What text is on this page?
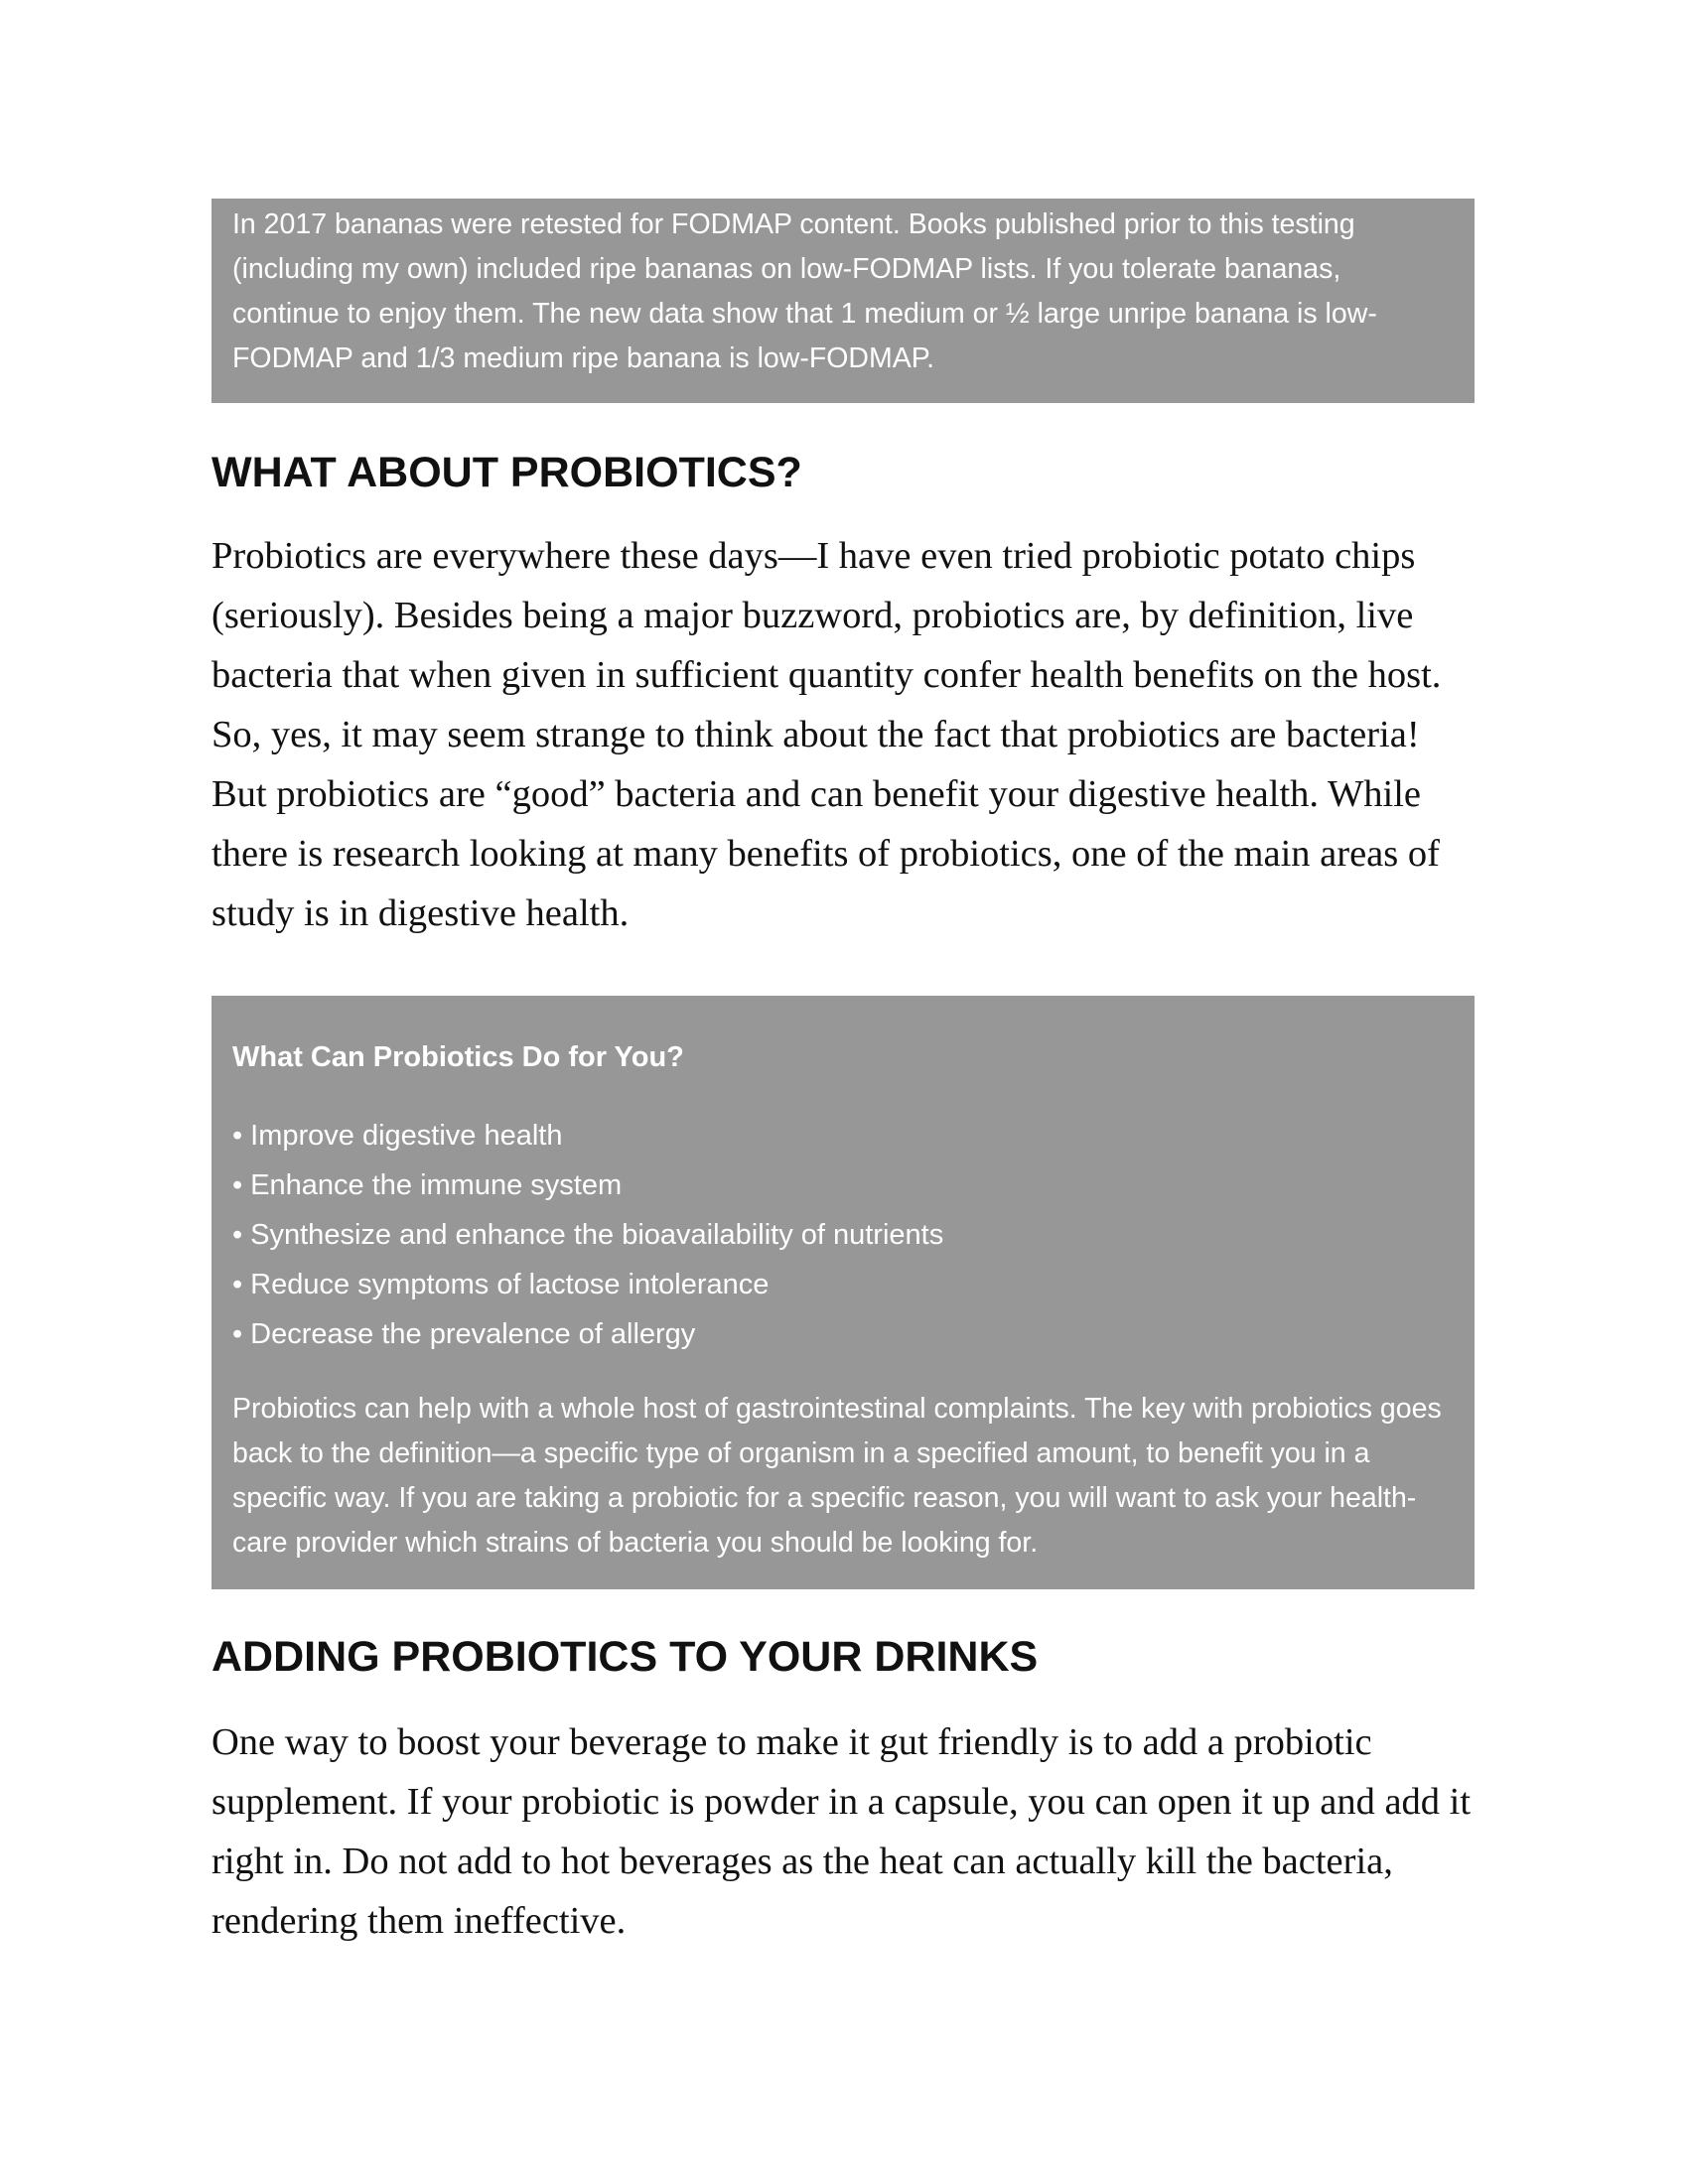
In 2017 bananas were retested for FODMAP content. Books published prior to this testing (including my own) included ripe bananas on low-FODMAP lists. If you tolerate bananas, continue to enjoy them. The new data show that 1 medium or ½ large unripe banana is low-FODMAP and 1/3 medium ripe banana is low-FODMAP.
WHAT ABOUT PROBIOTICS?

Probiotics are everywhere these days—I have even tried probiotic potato chips (seriously). Besides being a major buzzword, probiotics are, by definition, live bacteria that when given in sufficient quantity confer health benefits on the host. So, yes, it may seem strange to think about the fact that probiotics are bacteria! But probiotics are “good” bacteria and can benefit your digestive health. While there is research looking at many benefits of probiotics, one of the main areas of study is in digestive health.

What Can Probiotics Do for You?

• Improve digestive health
• Enhance the immune system
• Synthesize and enhance the bioavailability of nutrients
• Reduce symptoms of lactose intolerance
• Decrease the prevalence of allergy

Probiotics can help with a whole host of gastrointestinal complaints. The key with probiotics goes back to the definition—a specific type of organism in a specified amount, to benefit you in a specific way. If you are taking a probiotic for a specific reason, you will want to ask your health-care provider which strains of bacteria you should be looking for.

ADDING PROBIOTICS TO YOUR DRINKS

One way to boost your beverage to make it gut friendly is to add a probiotic supplement. If your probiotic is powder in a capsule, you can open it up and add it right in. Do not add to hot beverages as the heat can actually kill the bacteria, rendering them ineffective.
